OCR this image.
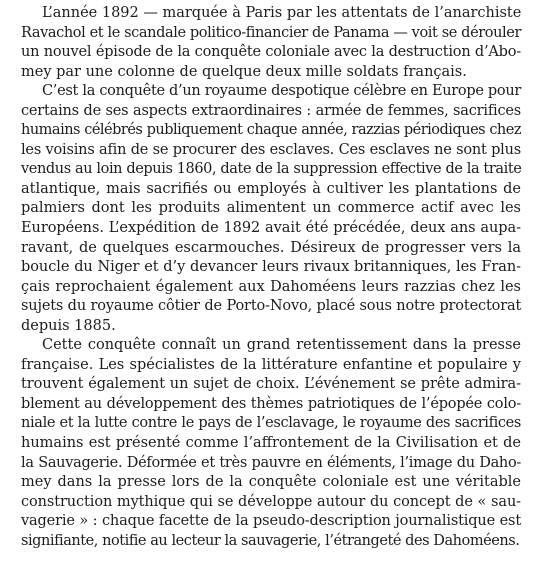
L’année 1892 — marquée à Paris par les attentats de l’anarchiste
Ravachol et le scandale politico-financier de Panama — voit se dérouler
un nouvel épisode de la conquête coloniale avec la destruction d’Abo-
mey par une colonne de quelque deux mille soldats français.
C’est la conquête d’un royaume despotique célèbre en Europe pour
certains de ses aspects extraordinaires : armée de femmes, sacrifices
humains célébrés publiquement chaque année, razzias périodiques chez
les voisins afin de se procurer des esclaves. Ces esclaves ne sont plus
vendus au loin depuis 1860, date de la suppression effective de la traite
atlantique, mais sacrifiés ou employés à cultiver les plantations de
palmiers dont les produits alimentent un commerce actif avec les
Européens. L’expédition de 1892 avait été précédée, deux ans aupa-
ravant, de quelques escarmouches. Désireux de progresser vers la
boucle du Niger et d’y devancer leurs rivaux britanniques, les Fran-
çais reprochaient également aux Dahoméens leurs razzias chez les
sujets du royaume côtier de Porto-Novo, placé sous notre protectorat
depuis 1885.
Cette conquête connaît un grand retentissement dans la presse
française. Les spécialistes de la littérature enfantine et populaire y
trouvent également un sujet de choix. L’événement se prête admira-
blement au développement des thèmes patriotiques de l’épopée colo-
niale et la lutte contre le pays de l’esclavage, le royaume des sacrifices
humains est présenté comme l’affrontement de la Civilisation et de
la Sauvagerie. Déformée et très pauvre en éléments, l’image du Daho-
mey dans la presse lors de la conquête coloniale est une véritable
construction mythique qui se développe autour du concept de « sau-
vagerie » : chaque facette de la pseudo-description journalistique est
signifiante, notifie au lecteur la sauvagerie, l’étrangeté des Dahoméens.
